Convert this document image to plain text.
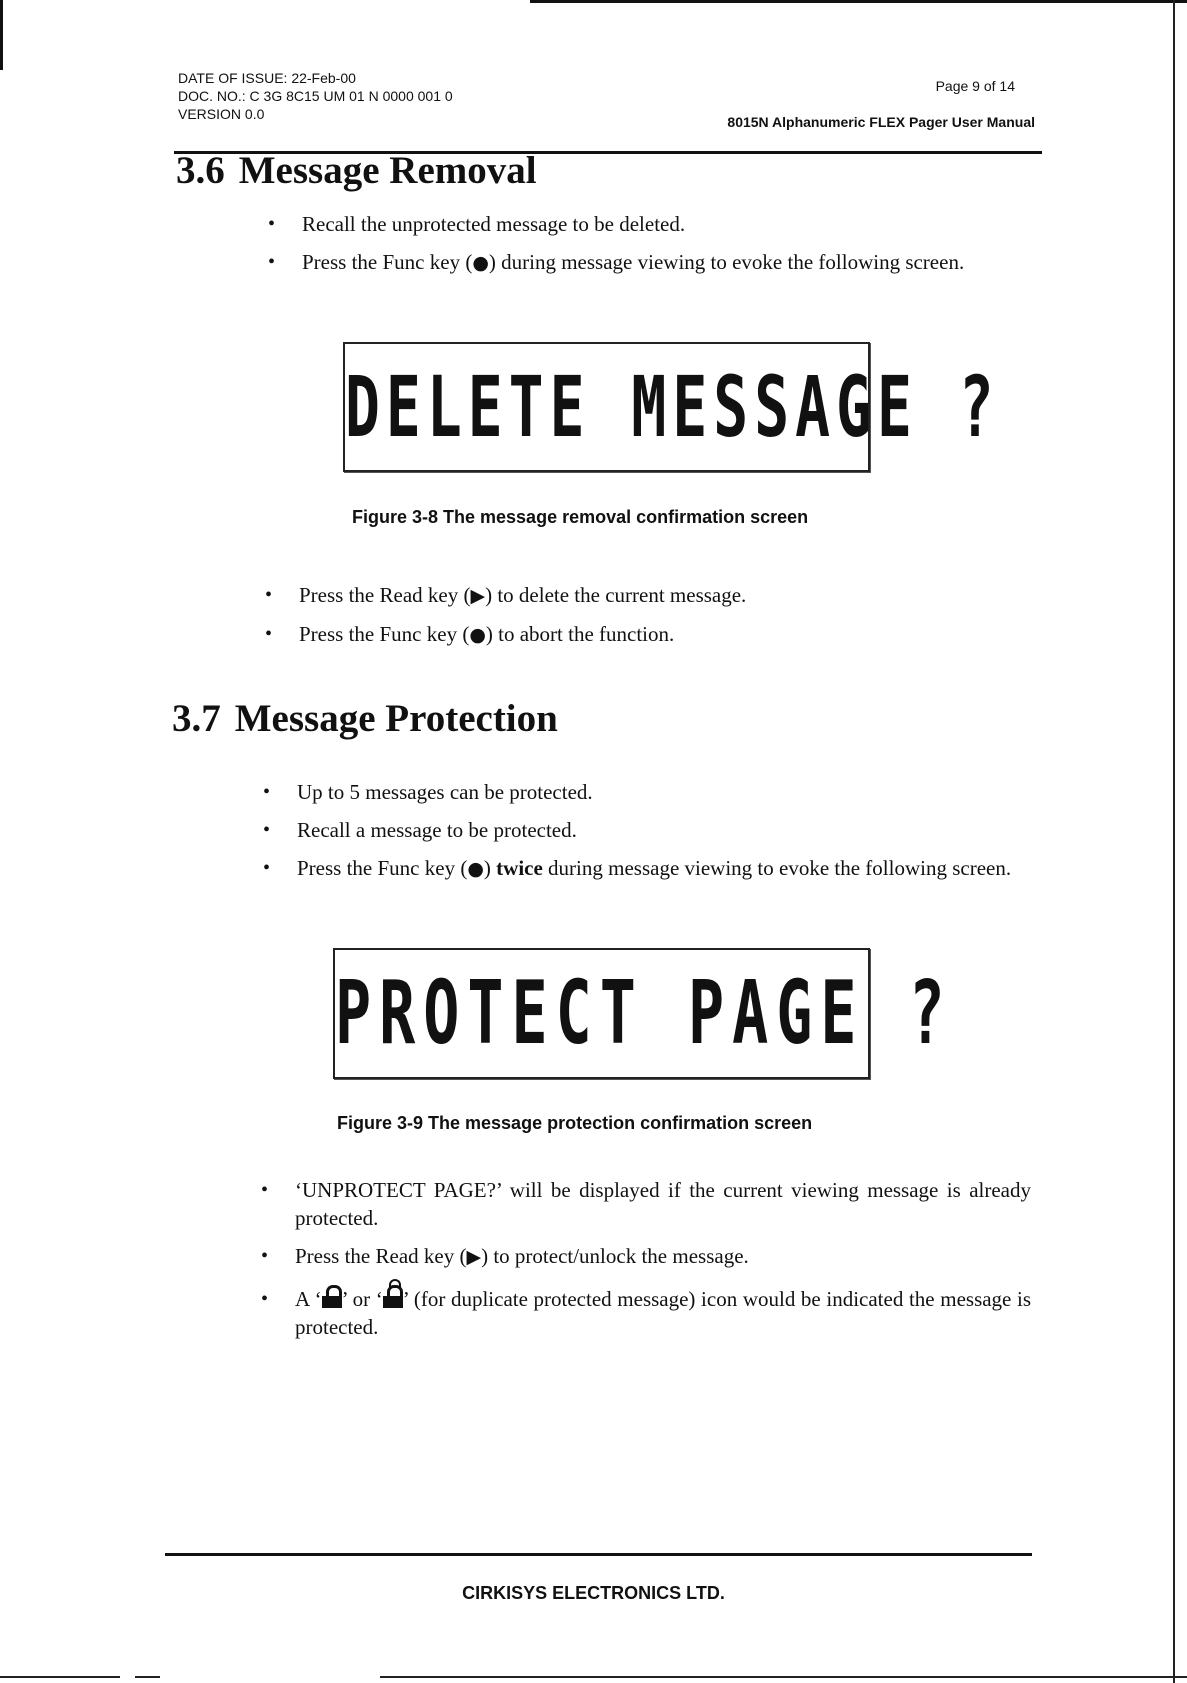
DATE OF ISSUE: 22-Feb-00
DOC. NO.: C 3G 8C15 UM 01 N 0000 001 0
VERSION 0.0
Page 9 of 14
8015N Alphanumeric FLEX Pager User Manual
3.6 Message Removal
• Recall the unprotected message to be deleted.
• Press the Func key (●) during message viewing to evoke the following screen.
DELETE MESSAGE ?
Figure 3-8 The message removal confirmation screen
• Press the Read key (▶) to delete the current message.
• Press the Func key (●) to abort the function.
3.7 Message Protection
• Up to 5 messages can be protected.
• Recall a message to be protected.
• Press the Func key (●) twice during message viewing to evoke the following screen.
PROTECT PAGE ?
Figure 3-9 The message protection confirmation screen
• ‘UNPROTECT PAGE?’ will be displayed if the current viewing message is already protected.
• Press the Read key (▶) to protect/unlock the message.
• A ‘ ’ or ‘ ’ (for duplicate protected message) icon would be indicated the message is protected.
CIRKISYS ELECTRONICS LTD.
